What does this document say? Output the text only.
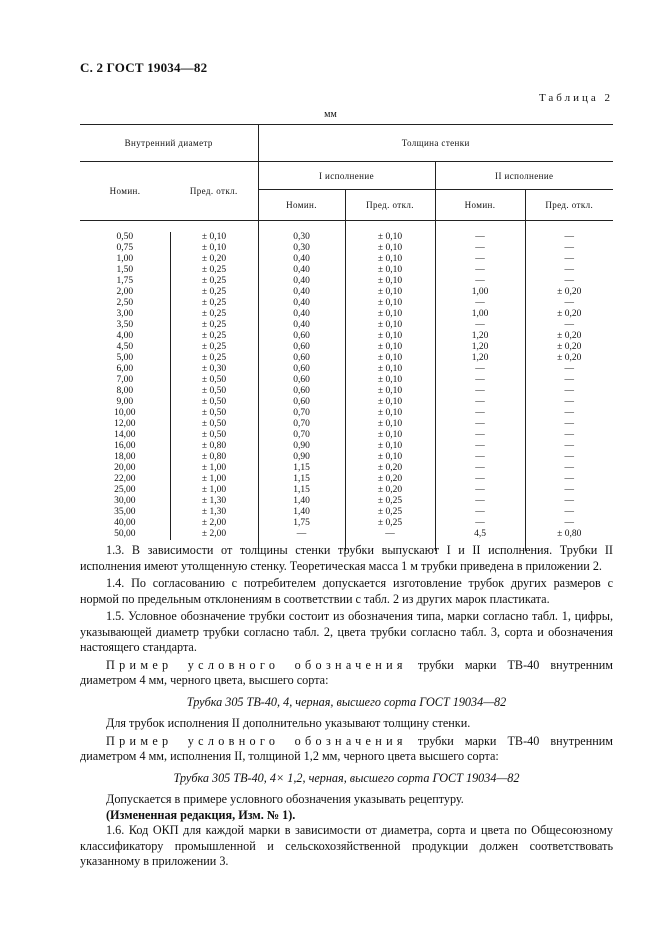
С. 2 ГОСТ 19034—82
Таблица 2
мм
Внутренний диаметр		Толщина стенки			
Номин.	Пред. откл.	I исполнение		II исполнение	
		Номин.	Пред. откл.	Номин.	Пред. откл.

0,50	± 0,10	0,30	± 0,10	—	—
0,75	± 0,10	0,30	± 0,10	—	—
1,00	± 0,20	0,40	± 0,10	—	—
1,50	± 0,25	0,40	± 0,10	—	—
1,75	± 0,25	0,40	± 0,10	—	—
2,00	± 0,25	0,40	± 0,10	1,00	± 0,20
2,50	± 0,25	0,40	± 0,10	—	—
3,00	± 0,25	0,40	± 0,10	1,00	± 0,20
3,50	± 0,25	0,40	± 0,10	—	—
4,00	± 0,25	0,60	± 0,10	1,20	± 0,20
4,50	± 0,25	0,60	± 0,10	1,20	± 0,20
5,00	± 0,25	0,60	± 0,10	1,20	± 0,20
6,00	± 0,30	0,60	± 0,10	—	—
7,00	± 0,50	0,60	± 0,10	—	—
8,00	± 0,50	0,60	± 0,10	—	—
9,00	± 0,50	0,60	± 0,10	—	—
10,00	± 0,50	0,70	± 0,10	—	—
12,00	± 0,50	0,70	± 0,10	—	—
14,00	± 0,50	0,70	± 0,10	—	—
16,00	± 0,80	0,90	± 0,10	—	—
18,00	± 0,80	0,90	± 0,10	—	—
20,00	± 1,00	1,15	± 0,20	—	—
22,00	± 1,00	1,15	± 0,20	—	—
25,00	± 1,00	1,15	± 0,20	—	—
30,00	± 1,30	1,40	± 0,25	—	—
35,00	± 1,30	1,40	± 0,25	—	—
40,00	± 2,00	1,75	± 0,25	—	—
50,00	± 2,00	—	—	4,5	± 0,80

1.3. В зависимости от толщины стенки трубки выпускают I и II исполнения. Трубки II исполнения имеют утолщенную стенку. Теоретическая масса 1 м трубки приведена в приложении 2.

1.4. По согласованию с потребителем допускается изготовление трубок других размеров с нормой по предельным отклонениям в соответствии с табл. 2 из других марок пластиката.

1.5. Условное обозначение трубки состоит из обозначения типа, марки согласно табл. 1, цифры, указывающей диаметр трубки согласно табл. 2, цвета трубки согласно табл. 3, сорта и обозначения настоящего стандарта.

Пример условного обозначения трубки марки ТВ-40 внутренним диаметром 4 мм, черного цвета, высшего сорта:

Трубка 305 ТВ-40, 4, черная, высшего сорта ГОСТ 19034—82

Для трубок исполнения II дополнительно указывают толщину стенки.

Пример условного обозначения трубки марки ТВ-40 внутренним диаметром 4 мм, исполнения II, толщиной 1,2 мм, черного цвета высшего сорта:

Трубка 305 ТВ-40, 4× 1,2, черная, высшего сорта ГОСТ 19034—82

Допускается в примере условного обозначения указывать рецептуру.

(Измененная редакция, Изм. № 1).

1.6. Код ОКП для каждой марки в зависимости от диаметра, сорта и цвета по Общесоюзному классификатору промышленной и сельскохозяйственной продукции должен соответствовать указанному в приложении 3.
